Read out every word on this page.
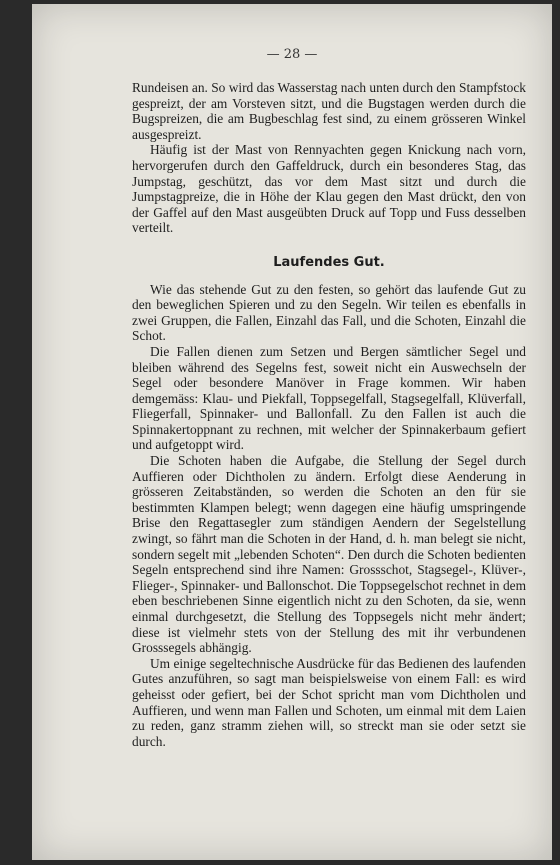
— 28 —

Rundeisen an. So wird das Wasserstag nach unten durch den Stampfstock gespreizt, der am Vorsteven sitzt, und die Bugstagen werden durch die Bugspreizen, die am Bugbeschlag fest sind, zu einem grösseren Winkel ausgespreizt.

Häufig ist der Mast von Rennyachten gegen Knickung nach vorn, hervorgerufen durch den Gaffeldruck, durch ein besonderes Stag, das Jumpstag, geschützt, das vor dem Mast sitzt und durch die Jumpstagpreize, die in Höhe der Klau gegen den Mast drückt, den von der Gaffel auf den Mast ausgeübten Druck auf Topp und Fuss desselben verteilt.

Laufendes Gut.

Wie das stehende Gut zu den festen, so gehört das laufende Gut zu den beweglichen Spieren und zu den Segeln. Wir teilen es ebenfalls in zwei Gruppen, die Fallen, Einzahl das Fall, und die Schoten, Einzahl die Schot.

Die Fallen dienen zum Setzen und Bergen sämtlicher Segel und bleiben während des Segelns fest, soweit nicht ein Auswechseln der Segel oder besondere Manöver in Frage kommen. Wir haben demgemäss: Klau- und Piekfall, Toppsegelfall, Stagsegelfall, Klüverfall, Fliegerfall, Spinnaker- und Ballonfall. Zu den Fallen ist auch die Spinnakertoppnant zu rechnen, mit welcher der Spinnakerbaum gefiert und aufgetoppt wird.

Die Schoten haben die Aufgabe, die Stellung der Segel durch Auffieren oder Dichtholen zu ändern. Erfolgt diese Aenderung in grösseren Zeitabständen, so werden die Schoten an den für sie bestimmten Klampen belegt; wenn dagegen eine häufig umspringende Brise den Regattasegler zum ständigen Aendern der Segelstellung zwingt, so fährt man die Schoten in der Hand, d. h. man belegt sie nicht, sondern segelt mit „lebenden Schoten“. Den durch die Schoten bedienten Segeln entsprechend sind ihre Namen: Grossschot, Stagsegel-, Klüver-, Flieger-, Spinnaker- und Ballonschot. Die Toppsegelschot rechnet in dem eben beschriebenen Sinne eigentlich nicht zu den Schoten, da sie, wenn einmal durchgesetzt, die Stellung des Toppsegels nicht mehr ändert; diese ist vielmehr stets von der Stellung des mit ihr verbundenen Grosssegels abhängig.

Um einige segeltechnische Ausdrücke für das Bedienen des laufenden Gutes anzuführen, so sagt man beispielsweise von einem Fall: es wird geheisst oder gefiert, bei der Schot spricht man vom Dichtholen und Auffieren, und wenn man Fallen und Schoten, um einmal mit dem Laien zu reden, ganz stramm ziehen will, so streckt man sie oder setzt sie durch.
